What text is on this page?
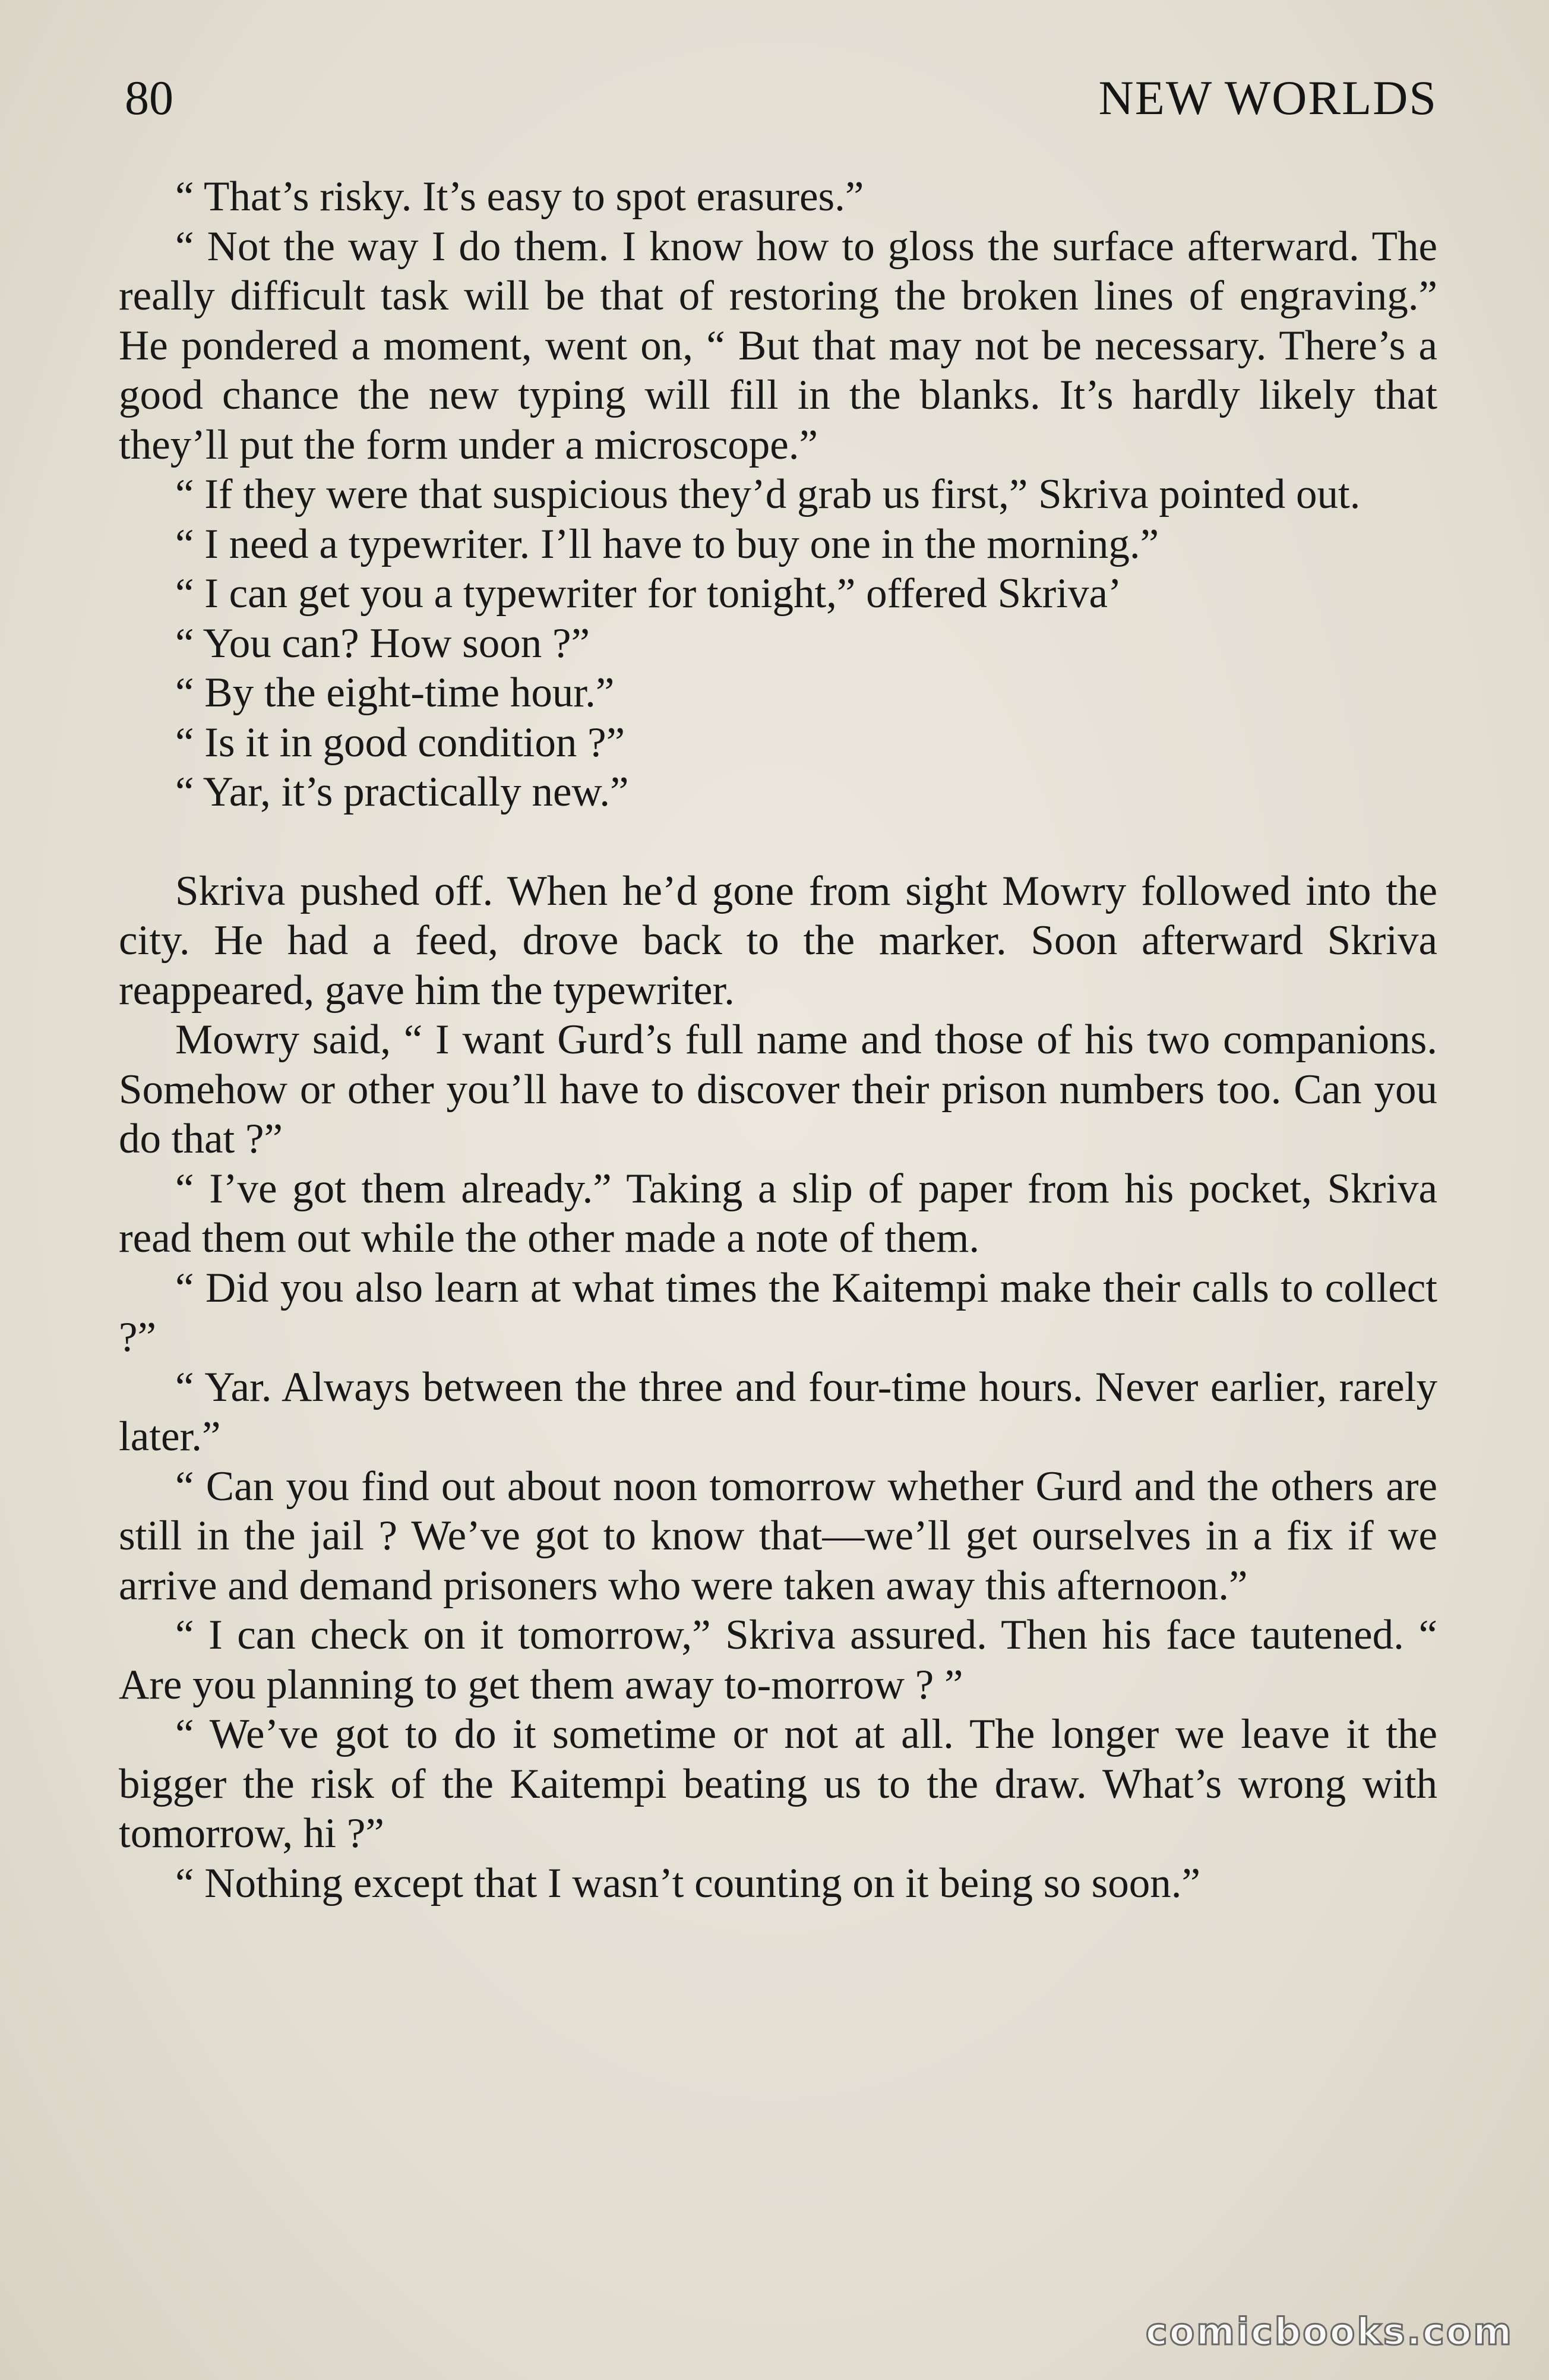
80	NEW WORLDS

“ That’s risky. It’s easy to spot erasures.”

“ Not the way I do them. I know how to gloss the surface afterward. The really difficult task will be that of restoring the broken lines of engraving.” He pondered a moment, went on, “ But that may not be necessary. There’s a good chance the new typing will fill in the blanks. It’s hardly likely that they’ll put the form under a microscope.”

“ If they were that suspicious they’d grab us first,” Skriva pointed out.

“ I need a typewriter. I’ll have to buy one in the morning.”

“ I can get you a typewriter for tonight,” offered Skriva’

“ You can? How soon ?”

“ By the eight-time hour.”

“ Is it in good condition ?”

“ Yar, it’s practically new.”

Skriva pushed off. When he’d gone from sight Mowry followed into the city. He had a feed, drove back to the marker. Soon afterward Skriva reappeared, gave him the typewriter.

Mowry said, “ I want Gurd’s full name and those of his two companions. Somehow or other you’ll have to discover their prison numbers too. Can you do that ?”

“ I’ve got them already.” Taking a slip of paper from his pocket, Skriva read them out while the other made a note of them.

“ Did you also learn at what times the Kaitempi make their calls to collect ?”

“ Yar. Always between the three and four-time hours. Never earlier, rarely later.”

“ Can you find out about noon tomorrow whether Gurd and the others are still in the jail ? We’ve got to know that—we’ll get ourselves in a fix if we arrive and demand prisoners who were taken away this afternoon.”

“ I can check on it tomorrow,” Skriva assured. Then his face tautened. “ Are you planning to get them away to-morrow ? ”

“ We’ve got to do it sometime or not at all. The longer we leave it the bigger the risk of the Kaitempi beating us to the draw. What’s wrong with tomorrow, hi ?”

“ Nothing except that I wasn’t counting on it being so soon.”

comicbooks.com
